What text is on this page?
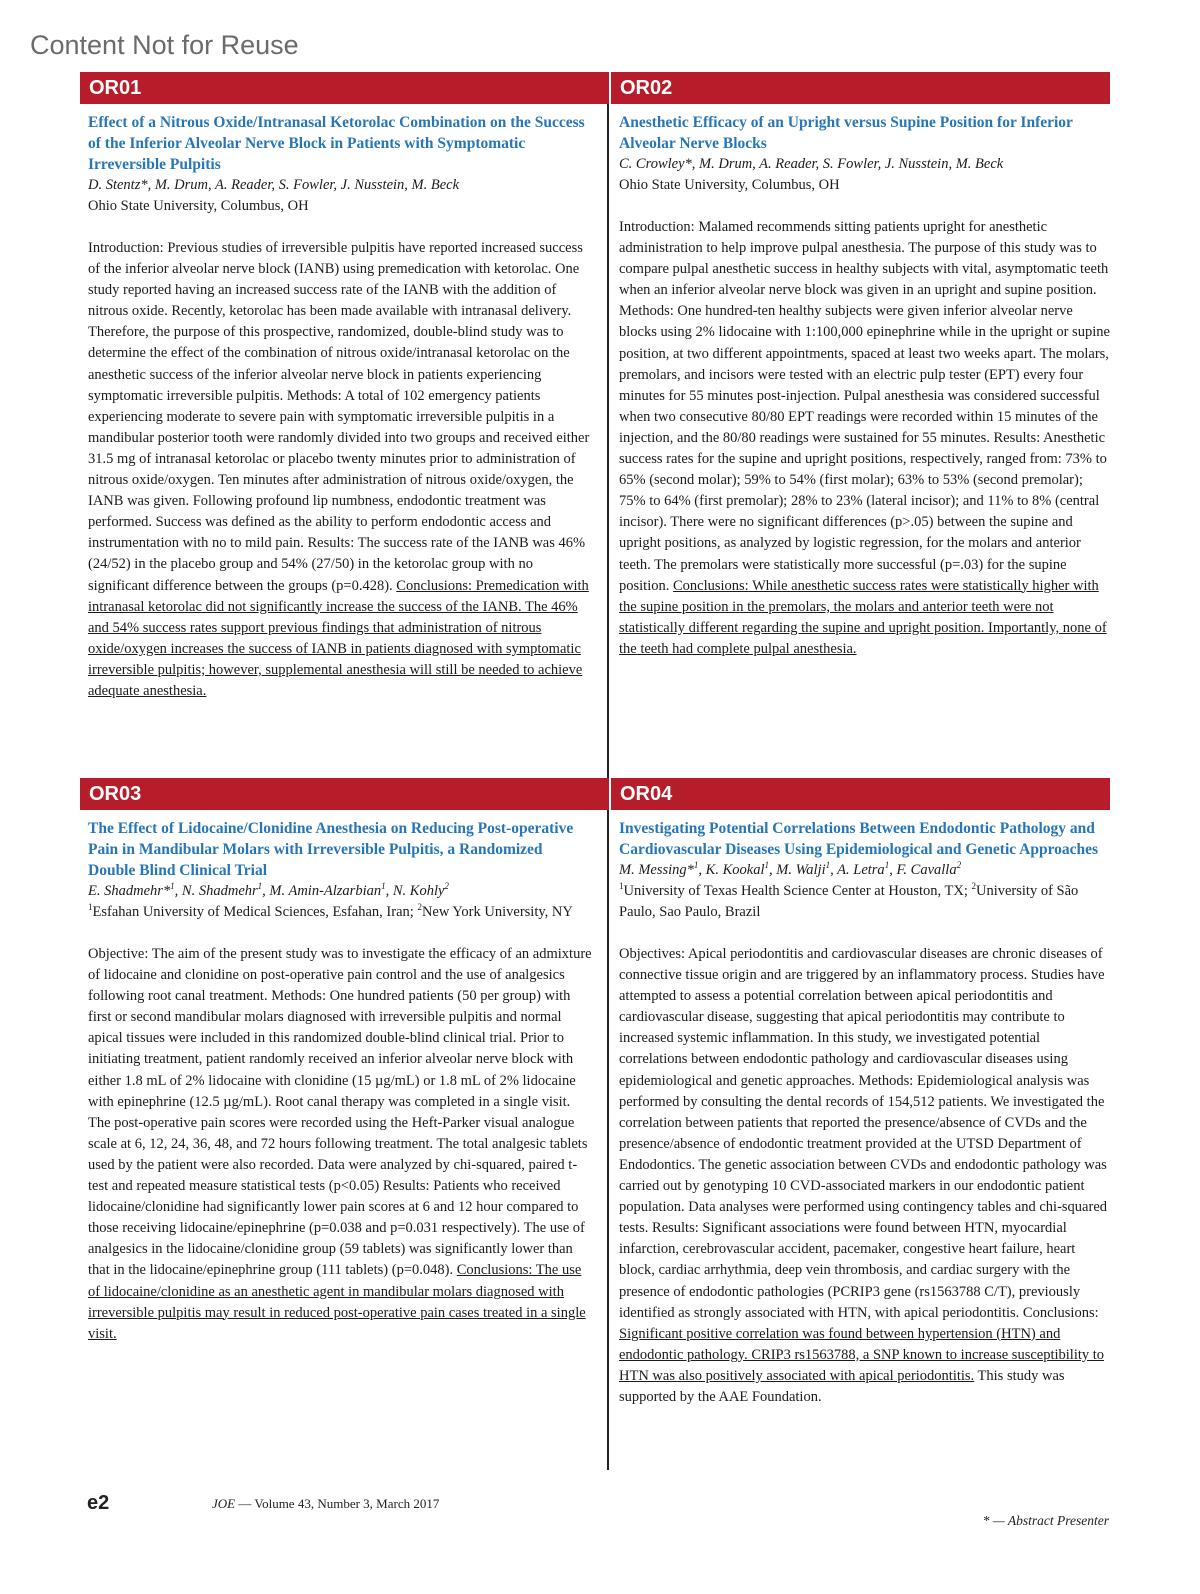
Content Not for Reuse
OR01
Effect of a Nitrous Oxide/Intranasal Ketorolac Combination on the Success of the Inferior Alveolar Nerve Block in Patients with Symptomatic Irreversible Pulpitis
D. Stentz*, M. Drum, A. Reader, S. Fowler, J. Nusstein, M. Beck
Ohio State University, Columbus, OH
Introduction: Previous studies of irreversible pulpitis have reported increased success of the inferior alveolar nerve block (IANB) using premedication with ketorolac. One study reported having an increased success rate of the IANB with the addition of nitrous oxide. Recently, ketorolac has been made available with intranasal delivery. Therefore, the purpose of this prospective, randomized, double-blind study was to determine the effect of the combination of nitrous oxide/intranasal ketorolac on the anesthetic success of the inferior alveolar nerve block in patients experiencing symptomatic irreversible pulpitis. Methods: A total of 102 emergency patients experiencing moderate to severe pain with symptomatic irreversible pulpitis in a mandibular posterior tooth were randomly divided into two groups and received either 31.5 mg of intranasal ketorolac or placebo twenty minutes prior to administration of nitrous oxide/oxygen. Ten minutes after administration of nitrous oxide/oxygen, the IANB was given. Following profound lip numbness, endodontic treatment was performed. Success was defined as the ability to perform endodontic access and instrumentation with no to mild pain. Results: The success rate of the IANB was 46% (24/52) in the placebo group and 54% (27/50) in the ketorolac group with no significant difference between the groups (p=0.428). Conclusions: Premedication with intranasal ketorolac did not significantly increase the success of the IANB. The 46% and 54% success rates support previous findings that administration of nitrous oxide/oxygen increases the success of IANB in patients diagnosed with symptomatic irreversible pulpitis; however, supplemental anesthesia will still be needed to achieve adequate anesthesia.
OR02
Anesthetic Efficacy of an Upright versus Supine Position for Inferior Alveolar Nerve Blocks
C. Crowley*, M. Drum, A. Reader, S. Fowler, J. Nusstein, M. Beck
Ohio State University, Columbus, OH
Introduction: Malamed recommends sitting patients upright for anesthetic administration to help improve pulpal anesthesia. The purpose of this study was to compare pulpal anesthetic success in healthy subjects with vital, asymptomatic teeth when an inferior alveolar nerve block was given in an upright and supine position. Methods: One hundred-ten healthy subjects were given inferior alveolar nerve blocks using 2% lidocaine with 1:100,000 epinephrine while in the upright or supine position, at two different appointments, spaced at least two weeks apart. The molars, premolars, and incisors were tested with an electric pulp tester (EPT) every four minutes for 55 minutes post-injection. Pulpal anesthesia was considered successful when two consecutive 80/80 EPT readings were recorded within 15 minutes of the injection, and the 80/80 readings were sustained for 55 minutes. Results: Anesthetic success rates for the supine and upright positions, respectively, ranged from: 73% to 65% (second molar); 59% to 54% (first molar); 63% to 53% (second premolar); 75% to 64% (first premolar); 28% to 23% (lateral incisor); and 11% to 8% (central incisor). There were no significant differences (p>.05) between the supine and upright positions, as analyzed by logistic regression, for the molars and anterior teeth. The premolars were statistically more successful (p=.03) for the supine position. Conclusions: While anesthetic success rates were statistically higher with the supine position in the premolars, the molars and anterior teeth were not statistically different regarding the supine and upright position. Importantly, none of the teeth had complete pulpal anesthesia.
OR03
The Effect of Lidocaine/Clonidine Anesthesia on Reducing Post-operative Pain in Mandibular Molars with Irreversible Pulpitis, a Randomized Double Blind Clinical Trial
E. Shadmehr*$^1$, N. Shadmehr$^1$, M. Amin-Alzarbian$^1$, N. Kohly$^2$
$^1$Esfahan University of Medical Sciences, Esfahan, Iran; $^2$New York University, NY
Objective: The aim of the present study was to investigate the efficacy of an admixture of lidocaine and clonidine on post-operative pain control and the use of analgesics following root canal treatment. Methods: One hundred patients (50 per group) with first or second mandibular molars diagnosed with irreversible pulpitis and normal apical tissues were included in this randomized double-blind clinical trial. Prior to initiating treatment, patient randomly received an inferior alveolar nerve block with either 1.8 mL of 2% lidocaine with clonidine (15 µg/mL) or 1.8 mL of 2% lidocaine with epinephrine (12.5 µg/mL). Root canal therapy was completed in a single visit. The post-operative pain scores were recorded using the Heft-Parker visual analogue scale at 6, 12, 24, 36, 48, and 72 hours following treatment. The total analgesic tablets used by the patient were also recorded. Data were analyzed by chi-squared, paired t-test and repeated measure statistical tests (p<0.05) Results: Patients who received lidocaine/clonidine had significantly lower pain scores at 6 and 12 hour compared to those receiving lidocaine/epinephrine (p=0.038 and p=0.031 respectively). The use of analgesics in the lidocaine/clonidine group (59 tablets) was significantly lower than that in the lidocaine/epinephrine group (111 tablets) (p=0.048). Conclusions: The use of lidocaine/clonidine as an anesthetic agent in mandibular molars diagnosed with irreversible pulpitis may result in reduced post-operative pain cases treated in a single visit.
OR04
Investigating Potential Correlations Between Endodontic Pathology and Cardiovascular Diseases Using Epidemiological and Genetic Approaches
M. Messing*$^1$, K. Kookal$^1$, M. Walji$^1$, A. Letra$^1$, F. Cavalla$^2$
$^1$University of Texas Health Science Center at Houston, TX; $^2$University of São Paulo, Sao Paulo, Brazil
Objectives: Apical periodontitis and cardiovascular diseases are chronic diseases of connective tissue origin and are triggered by an inflammatory process. Studies have attempted to assess a potential correlation between apical periodontitis and cardiovascular disease, suggesting that apical periodontitis may contribute to increased systemic inflammation. In this study, we investigated potential correlations between endodontic pathology and cardiovascular diseases using epidemiological and genetic approaches. Methods: Epidemiological analysis was performed by consulting the dental records of 154,512 patients. We investigated the correlation between patients that reported the presence/absence of CVDs and the presence/absence of endodontic treatment provided at the UTSD Department of Endodontics. The genetic association between CVDs and endodontic pathology was carried out by genotyping 10 CVD-associated markers in our endodontic patient population. Data analyses were performed using contingency tables and chi-squared tests. Results: Significant associations were found between HTN, myocardial infarction, cerebrovascular accident, pacemaker, congestive heart failure, heart block, cardiac arrhythmia, deep vein thrombosis, and cardiac surgery with the presence of endodontic pathologies (PCRIP3 gene (rs1563788 C/T), previously identified as strongly associated with HTN, with apical periodontitis. Conclusions: Significant positive correlation was found between hypertension (HTN) and endodontic pathology. CRIP3 rs1563788, a SNP known to increase susceptibility to HTN was also positively associated with apical periodontitis. This study was supported by the AAE Foundation.
e2	JOE — Volume 43, Number 3, March 2017
* — Abstract Presenter
